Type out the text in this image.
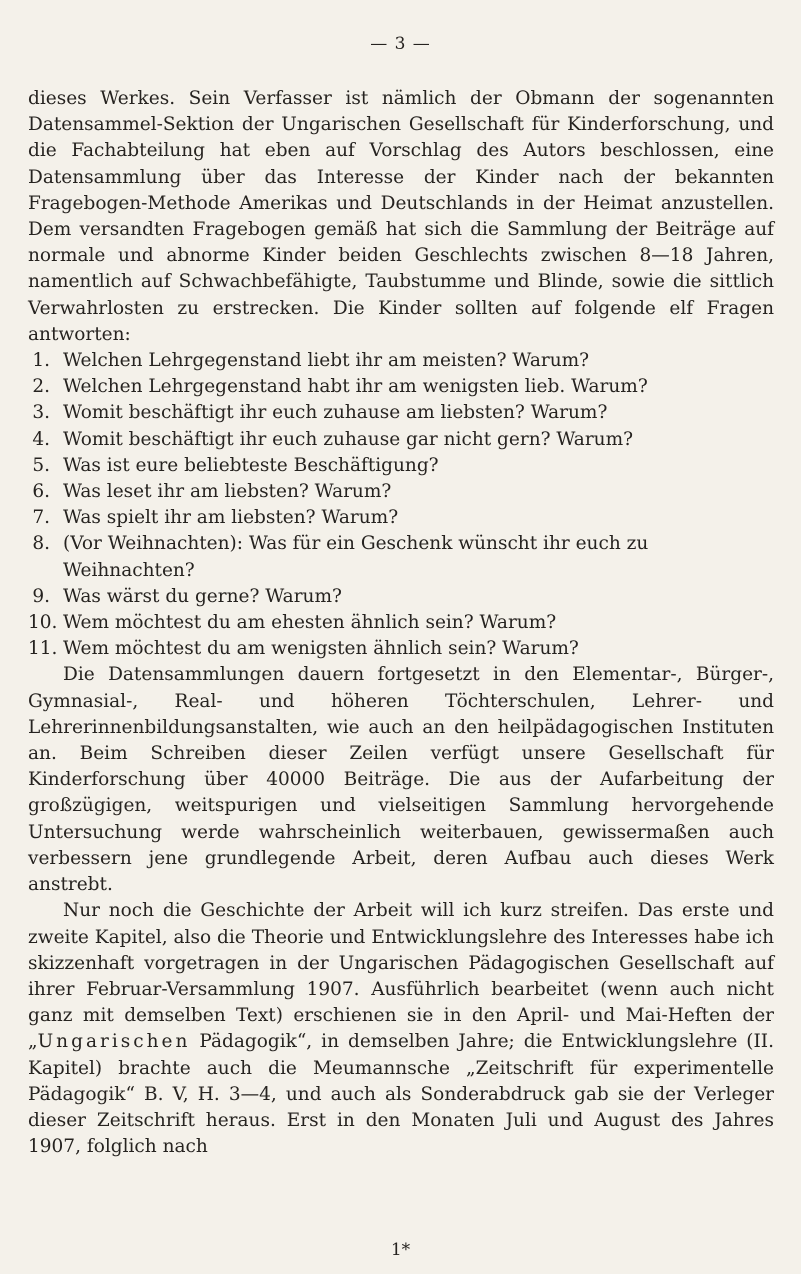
— 3 —

dieses Werkes. Sein Verfasser ist nämlich der Obmann der sogenannten Datensammel-Sektion der Ungarischen Gesellschaft für Kinderforschung, und die Fachabteilung hat eben auf Vorschlag des Autors beschlossen, eine Datensammlung über das Interesse der Kinder nach der bekannten Fragebogen-Methode Amerikas und Deutschlands in der Heimat anzustellen. Dem versandten Fragebogen gemäß hat sich die Sammlung der Beiträge auf normale und abnorme Kinder beiden Geschlechts zwischen 8—18 Jahren, namentlich auf Schwachbefähigte, Taubstumme und Blinde, sowie die sittlich Verwahrlosten zu erstrecken. Die Kinder sollten auf folgende elf Fragen antworten:

1. Welchen Lehrgegenstand liebt ihr am meisten? Warum?
2. Welchen Lehrgegenstand habt ihr am wenigsten lieb. Warum?
3. Womit beschäftigt ihr euch zuhause am liebsten? Warum?
4. Womit beschäftigt ihr euch zuhause gar nicht gern? Warum?
5. Was ist eure beliebteste Beschäftigung?
6. Was leset ihr am liebsten? Warum?
7. Was spielt ihr am liebsten? Warum?
8. (Vor Weihnachten): Was für ein Geschenk wünscht ihr euch zu Weihnachten?
9. Was wärst du gerne? Warum?
10. Wem möchtest du am ehesten ähnlich sein? Warum?
11. Wem möchtest du am wenigsten ähnlich sein? Warum?

Die Datensammlungen dauern fortgesetzt in den Elementar-, Bürger-, Gymnasial-, Real- und höheren Töchterschulen, Lehrer- und Lehrerinnenbildungsanstalten, wie auch an den heilpädagogischen Instituten an. Beim Schreiben dieser Zeilen verfügt unsere Gesellschaft für Kinderforschung über 40000 Beiträge. Die aus der Aufarbeitung der großzügigen, weitspurigen und vielseitigen Sammlung hervorgehende Untersuchung werde wahrscheinlich weiterbauen, gewissermaßen auch verbessern jene grundlegende Arbeit, deren Aufbau auch dieses Werk anstrebt.

Nur noch die Geschichte der Arbeit will ich kurz streifen. Das erste und zweite Kapitel, also die Theorie und Entwicklungslehre des Interesses habe ich skizzenhaft vorgetragen in der Ungarischen Pädagogischen Gesellschaft auf ihrer Februar-Versammlung 1907. Ausführlich bearbeitet (wenn auch nicht ganz mit demselben Text) erschienen sie in den April- und Mai-Heften der „Ungarischen Pädagogik“, in demselben Jahre; die Entwicklungslehre (II. Kapitel) brachte auch die Meumannsche „Zeitschrift für experimentelle Pädagogik“ B. V, H. 3—4, und auch als Sonderabdruck gab sie der Verleger dieser Zeitschrift heraus. Erst in den Monaten Juli und August des Jahres 1907, folglich nach

1*
